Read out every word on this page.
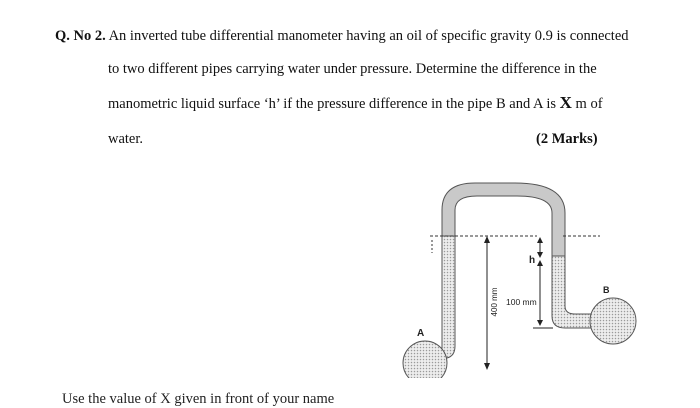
Q. No 2. An inverted tube differential manometer having an oil of specific gravity 0.9 is connected
to two different pipes carrying water under pressure. Determine the difference in the
manometric liquid surface ‘h’ if the pressure difference in the pipe B and A is X m of
water.	(2 Marks)
A
B
400 mm
h
100 mm
Use the value of X given in front of your name
